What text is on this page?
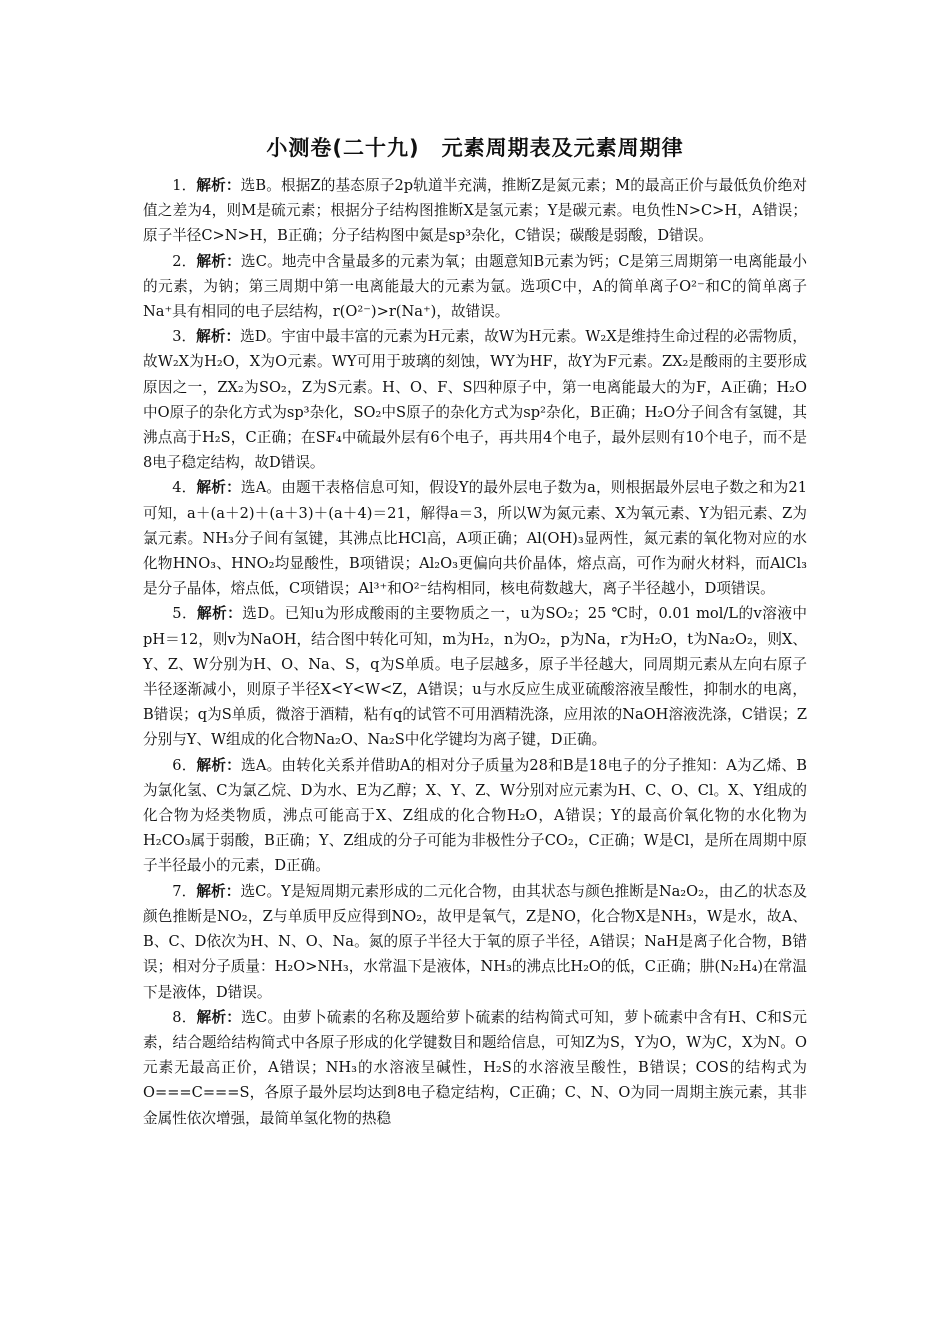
小测卷(二十九)　元素周期表及元素周期律

1．解析：选B。根据Z的基态原子2p轨道半充满，推断Z是氮元素；M的最高正价与最低负价绝对值之差为4，则M是硫元素；根据分子结构图推断X是氢元素；Y是碳元素。电负性N>C>H，A错误；原子半径C>N>H，B正确；分子结构图中氮是sp³杂化，C错误；碳酸是弱酸，D错误。

2．解析：选C。地壳中含量最多的元素为氧；由题意知B元素为钙；C是第三周期第一电离能最小的元素，为钠；第三周期中第一电离能最大的元素为氩。选项C中，A的简单离子O²⁻和C的简单离子Na⁺具有相同的电子层结构，r(O²⁻)>r(Na⁺)，故错误。

3．解析：选D。宇宙中最丰富的元素为H元素，故W为H元素。W₂X是维持生命过程的必需物质，故W₂X为H₂O，X为O元素。WY可用于玻璃的刻蚀，WY为HF，故Y为F元素。ZX₂是酸雨的主要形成原因之一，ZX₂为SO₂，Z为S元素。H、O、F、S四种原子中，第一电离能最大的为F，A正确；H₂O中O原子的杂化方式为sp³杂化，SO₂中S原子的杂化方式为sp²杂化，B正确；H₂O分子间含有氢键，其沸点高于H₂S，C正确；在SF₄中硫最外层有6个电子，再共用4个电子，最外层则有10个电子，而不是8电子稳定结构，故D错误。

4．解析：选A。由题干表格信息可知，假设Y的最外层电子数为a，则根据最外层电子数之和为21可知，a＋(a＋2)＋(a＋3)＋(a＋4)＝21，解得a＝3，所以W为氮元素、X为氧元素、Y为铝元素、Z为氯元素。NH₃分子间有氢键，其沸点比HCl高，A项正确；Al(OH)₃显两性，氮元素的氧化物对应的水化物HNO₃、HNO₂均显酸性，B项错误；Al₂O₃更偏向共价晶体，熔点高，可作为耐火材料，而AlCl₃是分子晶体，熔点低，C项错误；Al³⁺和O²⁻结构相同，核电荷数越大，离子半径越小，D项错误。

5．解析：选D。已知u为形成酸雨的主要物质之一，u为SO₂；25 ℃时，0.01 mol/L的v溶液中pH＝12，则v为NaOH，结合图中转化可知，m为H₂，n为O₂，p为Na，r为H₂O，t为Na₂O₂，则X、Y、Z、W分别为H、O、Na、S，q为S单质。电子层越多，原子半径越大，同周期元素从左向右原子半径逐渐减小，则原子半径X<Y<W<Z，A错误；u与水反应生成亚硫酸溶液呈酸性，抑制水的电离，B错误；q为S单质，微溶于酒精，粘有q的试管不可用酒精洗涤，应用浓的NaOH溶液洗涤，C错误；Z分别与Y、W组成的化合物Na₂O、Na₂S中化学键均为离子键，D正确。

6．解析：选A。由转化关系并借助A的相对分子质量为28和B是18电子的分子推知：A为乙烯、B为氯化氢、C为氯乙烷、D为水、E为乙醇；X、Y、Z、W分别对应元素为H、C、O、Cl。X、Y组成的化合物为烃类物质，沸点可能高于X、Z组成的化合物H₂O，A错误；Y的最高价氧化物的水化物为H₂CO₃属于弱酸，B正确；Y、Z组成的分子可能为非极性分子CO₂，C正确；W是Cl，是所在周期中原子半径最小的元素，D正确。

7．解析：选C。Y是短周期元素形成的二元化合物，由其状态与颜色推断是Na₂O₂，由乙的状态及颜色推断是NO₂，Z与单质甲反应得到NO₂，故甲是氧气，Z是NO，化合物X是NH₃，W是水，故A、B、C、D依次为H、N、O、Na。氮的原子半径大于氧的原子半径，A错误；NaH是离子化合物，B错误；相对分子质量：H₂O>NH₃，水常温下是液体，NH₃的沸点比H₂O的低，C正确；肼(N₂H₄)在常温下是液体，D错误。

8．解析：选C。由萝卜硫素的名称及题给萝卜硫素的结构简式可知，萝卜硫素中含有H、C和S元素，结合题给结构简式中各原子形成的化学键数目和题给信息，可知Z为S，Y为O，W为C，X为N。O元素无最高正价，A错误；NH₃的水溶液呈碱性，H₂S的水溶液呈酸性，B错误；COS的结构式为O===C===S，各原子最外层均达到8电子稳定结构，C正确；C、N、O为同一周期主族元素，其非金属性依次增强，最简单氢化物的热稳
